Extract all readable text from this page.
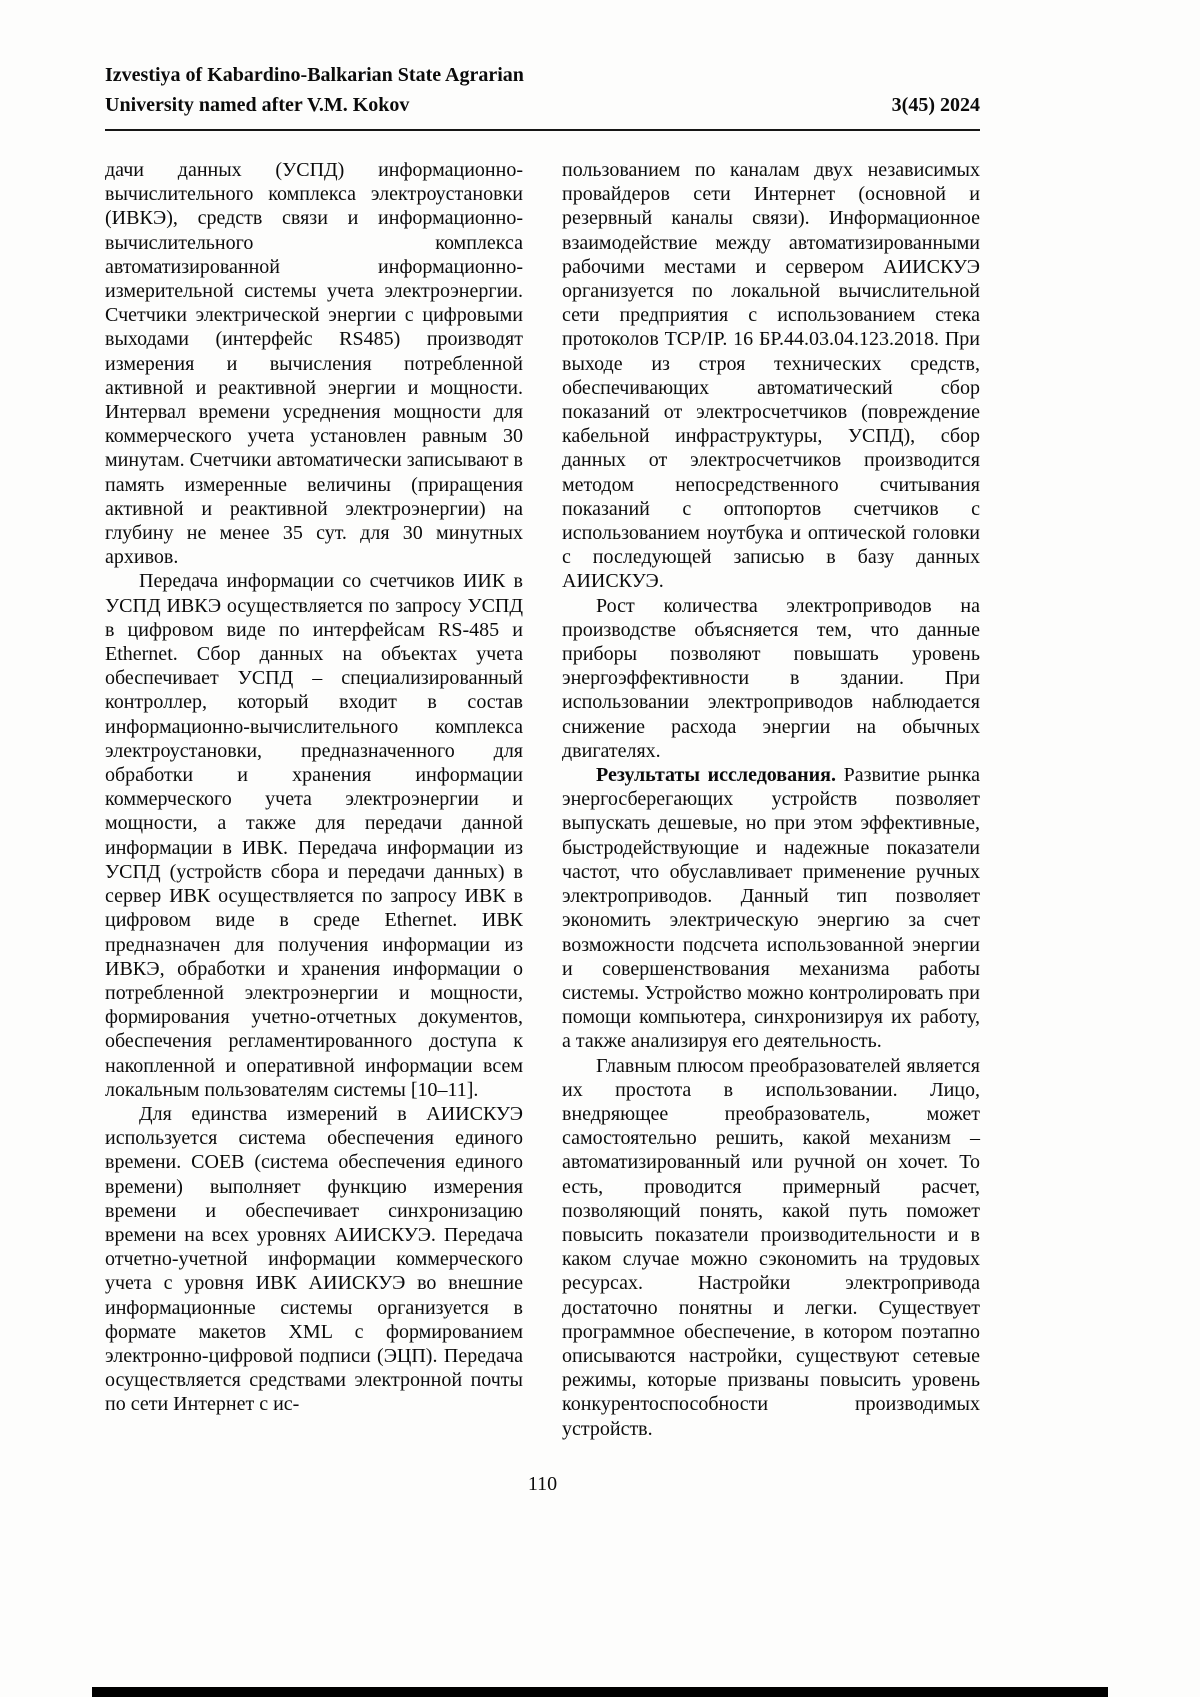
Izvestiya of Kabardino-Balkarian State Agrarian
University named after V.M. Kokov	3(45) 2024

дачи данных (УСПД) информационно-вычислительного комплекса электроустановки (ИВКЭ), средств связи и информационно-вычислительного комплекса автоматизированной информационно-измерительной системы учета электроэнергии. Счетчики электрической энергии с цифровыми выходами (интерфейс RS485) производят измерения и вычисления потребленной активной и реактивной энергии и мощности. Интервал времени усреднения мощности для коммерческого учета установлен равным 30 минутам. Счетчики автоматически записывают в память измеренные величины (приращения активной и реактивной электроэнергии) на глубину не менее 35 сут. для 30 минутных архивов.

Передача информации со счетчиков ИИК в УСПД ИВКЭ осуществляется по запросу УСПД в цифровом виде по интерфейсам RS-485 и Ethernet. Сбор данных на объектах учета обеспечивает УСПД – специализированный контроллер, который входит в состав информационно-вычислительного комплекса электроустановки, предназначенного для обработки и хранения информации коммерческого учета электроэнергии и мощности, а также для передачи данной информации в ИВК. Передача информации из УСПД (устройств сбора и передачи данных) в сервер ИВК осуществляется по запросу ИВК в цифровом виде в среде Ethernet. ИВК предназначен для получения информации из ИВКЭ, обработки и хранения информации о потребленной электроэнергии и мощности, формирования учетно-отчетных документов, обеспечения регламентированного доступа к накопленной и оперативной информации всем локальным пользователям системы [10–11].

Для единства измерений в АИИСКУЭ используется система обеспечения единого времени. СОЕВ (система обеспечения единого времени) выполняет функцию измерения времени и обеспечивает синхронизацию времени на всех уровнях АИИСКУЭ. Передача отчетно-учетной информации коммерческого учета с уровня ИВК АИИСКУЭ во внешние информационные системы организуется в формате макетов XML с формированием электронно-цифровой подписи (ЭЦП). Передача осуществляется средствами электронной почты по сети Интернет с ис-

пользованием по каналам двух независимых провайдеров сети Интернет (основной и резервный каналы связи). Информационное взаимодействие между автоматизированными рабочими местами и сервером АИИСКУЭ организуется по локальной вычислительной сети предприятия с использованием стека протоколов TCP/IP. 16 БР.44.03.04.123.2018. При выходе из строя технических средств, обеспечивающих автоматический сбор показаний от электросчетчиков (повреждение кабельной инфраструктуры, УСПД), сбор данных от электросчетчиков производится методом непосредственного считывания показаний с оптопортов счетчиков с использованием ноутбука и оптической головки с последующей записью в базу данных АИИСКУЭ.

Рост количества электроприводов на производстве объясняется тем, что данные приборы позволяют повышать уровень энергоэффективности в здании. При использовании электроприводов наблюдается снижение расхода энергии на обычных двигателях.

Результаты исследования. Развитие рынка энергосберегающих устройств позволяет выпускать дешевые, но при этом эффективные, быстродействующие и надежные показатели частот, что обуславливает применение ручных электроприводов. Данный тип позволяет экономить электрическую энергию за счет возможности подсчета использованной энергии и совершенствования механизма работы системы. Устройство можно контролировать при помощи компьютера, синхронизируя их работу, а также анализируя его деятельность.

Главным плюсом преобразователей является их простота в использовании. Лицо, внедряющее преобразователь, может самостоятельно решить, какой механизм – автоматизированный или ручной он хочет. То есть, проводится примерный расчет, позволяющий понять, какой путь поможет повысить показатели производительности и в каком случае можно сэкономить на трудовых ресурсах. Настройки электропривода достаточно понятны и легки. Существует программное обеспечение, в котором поэтапно описываются настройки, существуют сетевые режимы, которые призваны повысить уровень конкурентоспособности производимых устройств.

110
